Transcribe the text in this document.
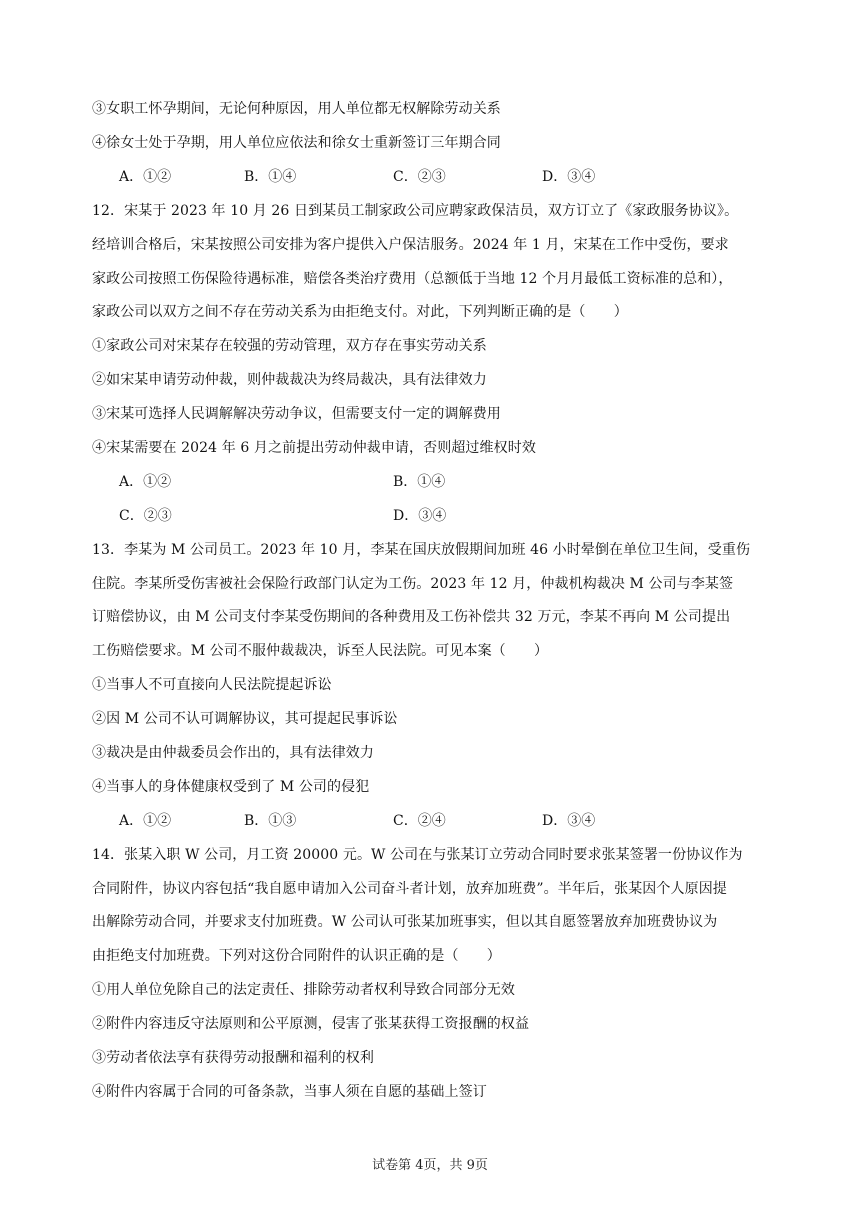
③女职工怀孕期间，无论何种原因，用人单位都无权解除劳动关系
④徐女士处于孕期，用人单位应依法和徐女士重新签订三年期合同
A．①②	B．①④	C．②③	D．③④
12．宋某于 2023 年 10 月 26 日到某员工制家政公司应聘家政保洁员，双方订立了《家政服务协议》。
经培训合格后，宋某按照公司安排为客户提供入户保洁服务。2024 年 1 月，宋某在工作中受伤，要求
家政公司按照工伤保险待遇标准，赔偿各类治疗费用（总额低于当地 12 个月月最低工资标准的总和），
家政公司以双方之间不存在劳动关系为由拒绝支付。对此，下列判断正确的是（　　）
①家政公司对宋某存在较强的劳动管理，双方存在事实劳动关系
②如宋某申请劳动仲裁，则仲裁裁决为终局裁决，具有法律效力
③宋某可选择人民调解解决劳动争议，但需要支付一定的调解费用
④宋某需要在 2024 年 6 月之前提出劳动仲裁申请，否则超过维权时效
A．①②	B．①④
C．②③	D．③④
13．李某为 M 公司员工。2023 年 10 月，李某在国庆放假期间加班 46 小时晕倒在单位卫生间，受重伤
住院。李某所受伤害被社会保险行政部门认定为工伤。2023 年 12 月，仲裁机构裁决 M 公司与李某签
订赔偿协议，由 M 公司支付李某受伤期间的各种费用及工伤补偿共 32 万元，李某不再向 M 公司提出
工伤赔偿要求。M 公司不服仲裁裁决，诉至人民法院。可见本案（　　）
①当事人不可直接向人民法院提起诉讼
②因 M 公司不认可调解协议，其可提起民事诉讼
③裁决是由仲裁委员会作出的，具有法律效力
④当事人的身体健康权受到了 M 公司的侵犯
A．①②	B．①③	C．②④	D．③④
14．张某入职 W 公司，月工资 20000 元。W 公司在与张某订立劳动合同时要求张某签署一份协议作为
合同附件，协议内容包括“我自愿申请加入公司奋斗者计划，放弃加班费”。半年后，张某因个人原因提
出解除劳动合同，并要求支付加班费。W 公司认可张某加班事实，但以其自愿签署放弃加班费协议为
由拒绝支付加班费。下列对这份合同附件的认识正确的是（　　）
①用人单位免除自己的法定责任、排除劳动者权利导致合同部分无效
②附件内容违反守法原则和公平原测，侵害了张某获得工资报酬的权益
③劳动者依法享有获得劳动报酬和福利的权利
④附件内容属于合同的可备条款，当事人须在自愿的基础上签订
试卷第 4页，共 9页
